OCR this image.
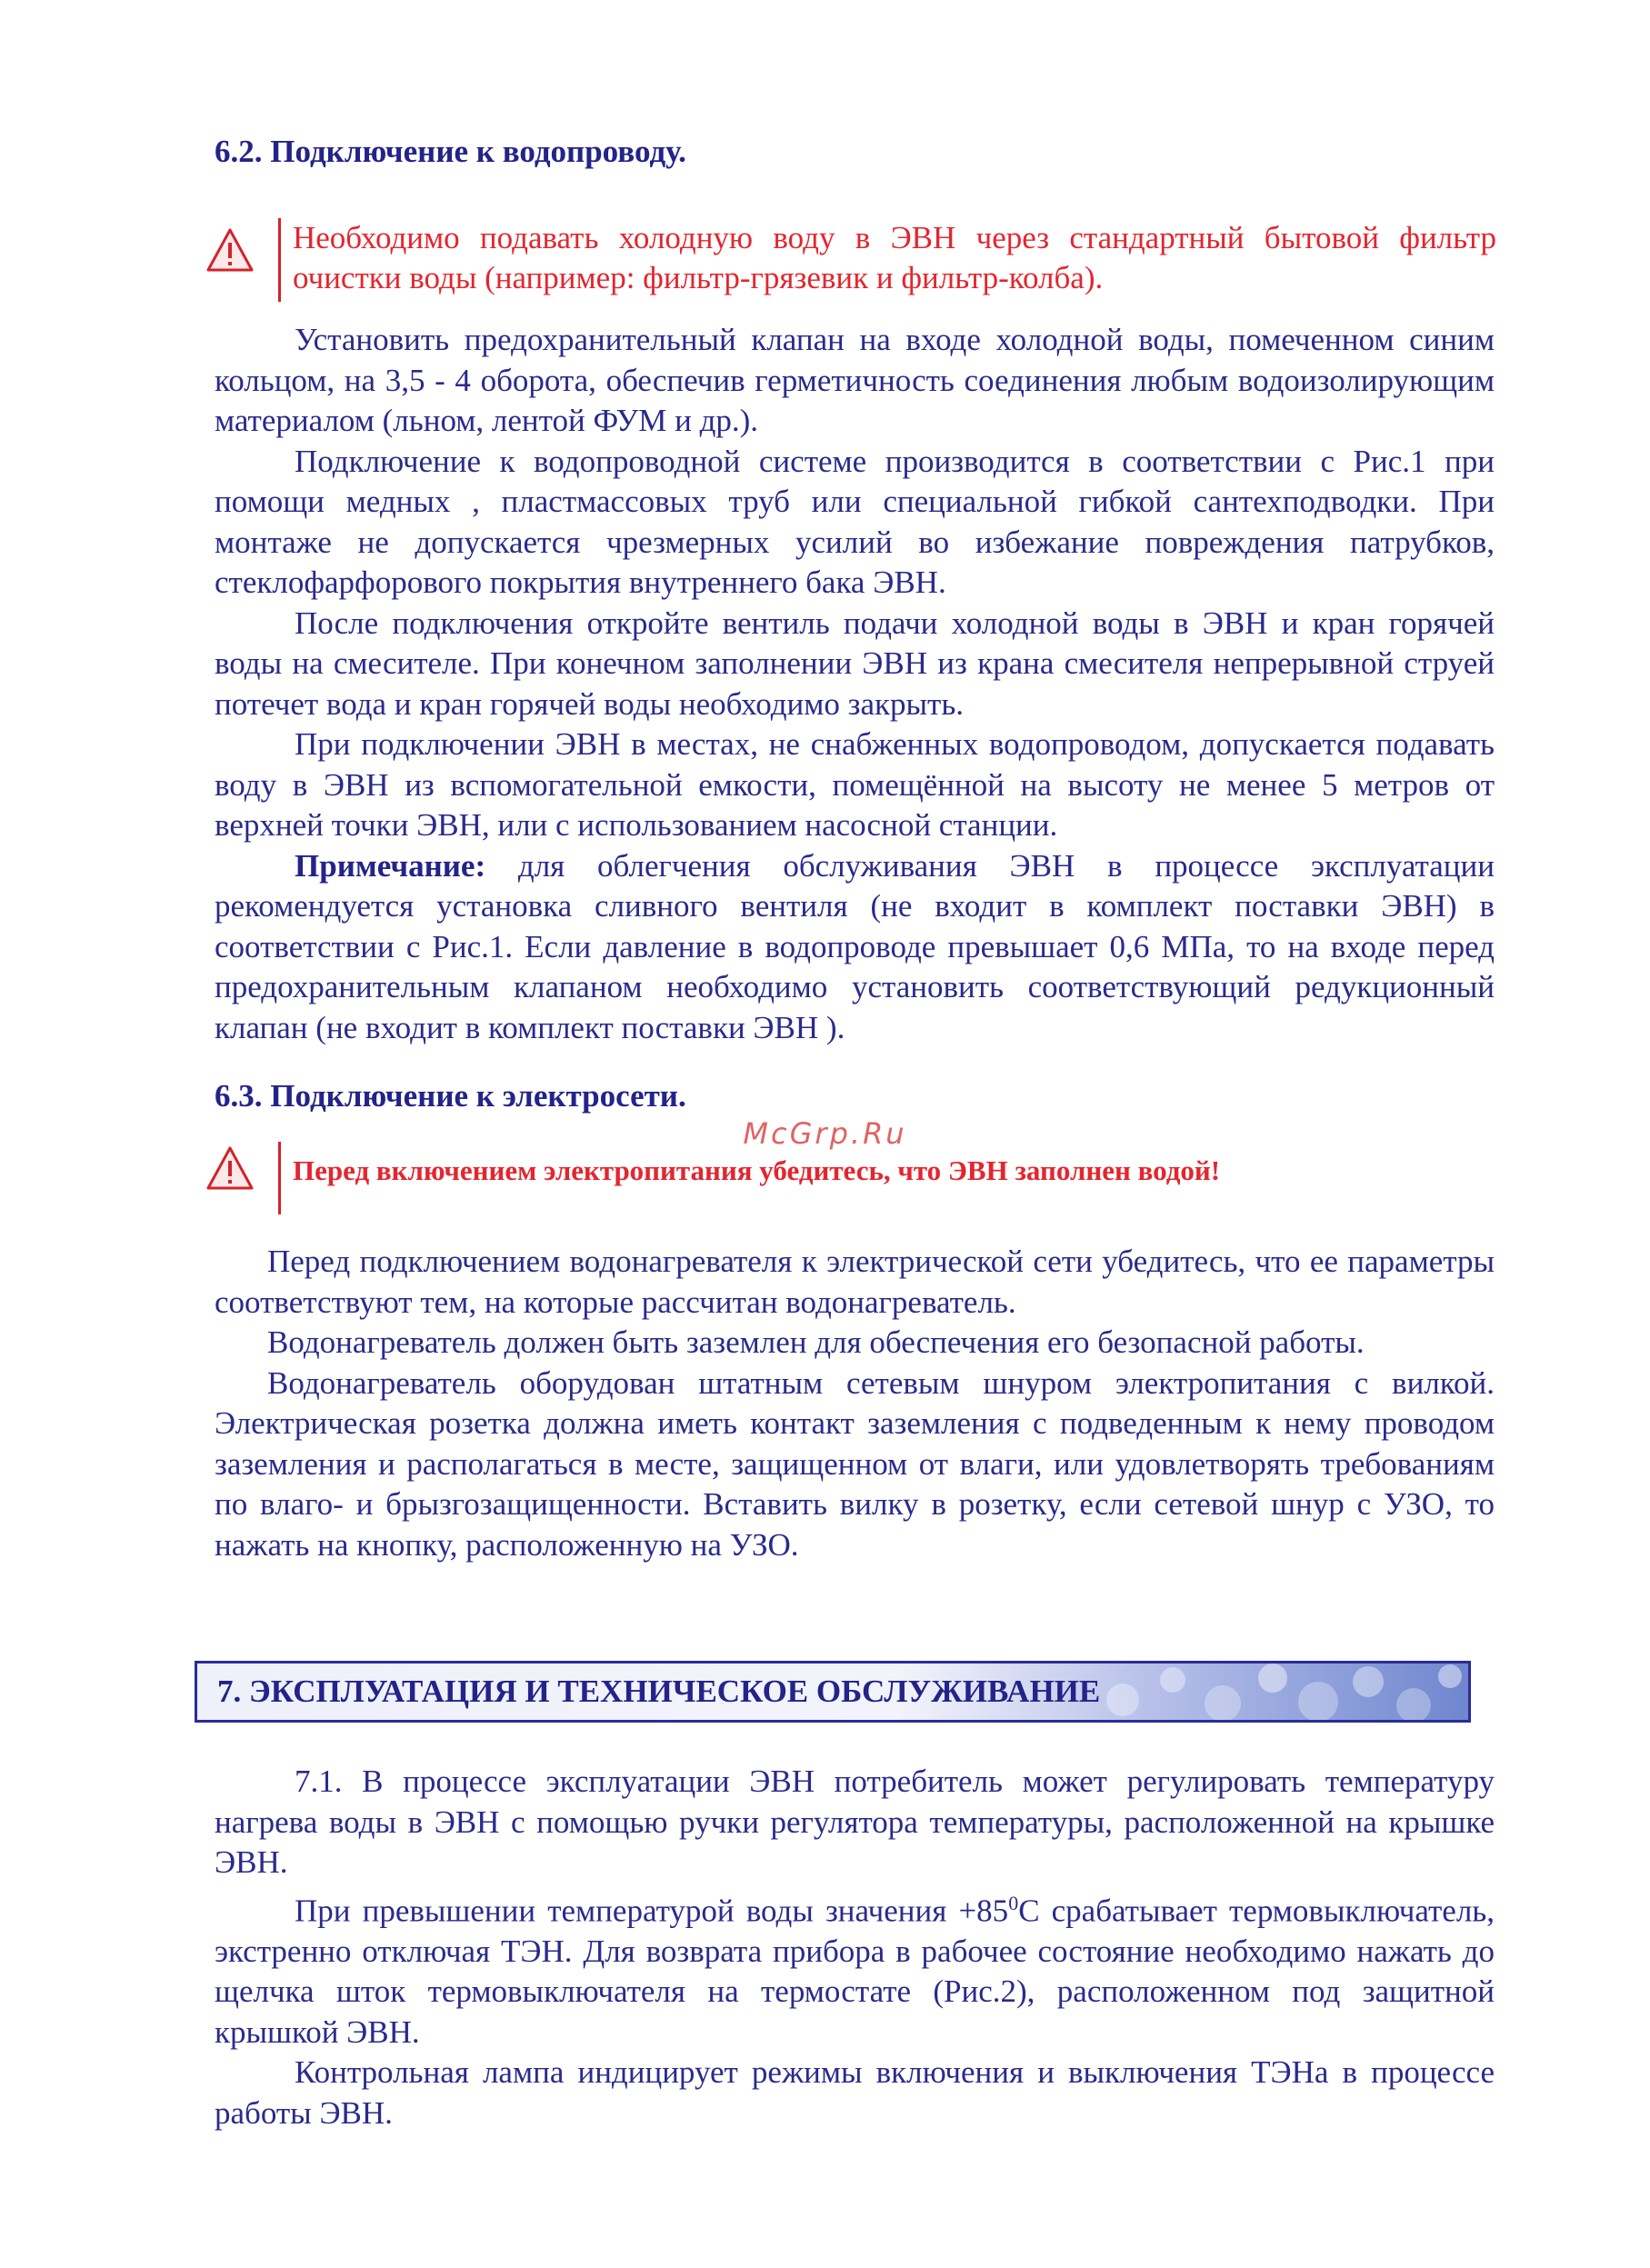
6.2. Подключение к водопроводу.
Необходимо подавать холодную воду в ЭВН через стандартный бытовой фильтр очистки воды (например: фильтр-грязевик и фильтр-колба).

Установить предохранительный клапан на входе холодной воды, помеченном синим кольцом, на 3,5 - 4 оборота, обеспечив герметичность соединения любым водоизолирующим материалом (льном, лентой ФУМ и др.).

Подключение к водопроводной системе производится в соответствии с Рис.1 при помощи медных , пластмассовых труб или специальной гибкой сантехподводки. При монтаже не допускается чрезмерных усилий во избежание повреждения патрубков, стеклофарфорового покрытия внутреннего бака ЭВН.

После подключения откройте вентиль подачи холодной воды в ЭВН и кран горячей воды на смесителе. При конечном заполнении ЭВН из крана смесителя непрерывной струей потечет вода и кран горячей воды необходимо закрыть.

При подключении ЭВН в местах, не снабженных водопроводом, допускается подавать воду в ЭВН из вспомогательной емкости, помещённой на высоту не менее 5 метров от верхней точки ЭВН, или с использованием насосной станции.

Примечание: для облегчения обслуживания ЭВН в процессе эксплуатации рекомендуется установка сливного вентиля (не входит в комплект поставки ЭВН) в соответствии с Рис.1. Если давление в водопроводе превышает 0,6 МПа, то на входе перед предохранительным клапаном необходимо установить соответствующий редукционный клапан (не входит в комплект поставки ЭВН ).

6.3. Подключение к электросети.
McGrp.Ru
Перед включением электропитания убедитесь, что ЭВН заполнен водой!

Перед подключением водонагревателя к электрической сети убедитесь, что ее параметры соответствуют тем, на которые рассчитан водонагреватель.

Водонагреватель должен быть заземлен для обеспечения его безопасной работы.

Водонагреватель оборудован штатным сетевым шнуром электропитания с вилкой. Электрическая розетка должна иметь контакт заземления с подведенным к нему проводом заземления и располагаться в месте, защищенном от влаги, или удовлетворять требованиям по влаго- и брызгозащищенности. Вставить вилку в розетку, если сетевой шнур с УЗО, то нажать на кнопку, расположенную на УЗО.

7. ЭКСПЛУАТАЦИЯ И ТЕХНИЧЕСКОЕ ОБСЛУЖИВАНИЕ

7.1. В процессе эксплуатации ЭВН потребитель может регулировать температуру нагрева воды в ЭВН с помощью ручки регулятора температуры, расположенной на крышке ЭВН.

При превышении температурой воды значения $+85^0С$ срабатывает термовыключатель, экстренно отключая ТЭН. Для возврата прибора в рабочее состояние необходимо нажать до щелчка шток термовыключателя на термостате (Рис.2), расположенном под защитной крышкой ЭВН.

Контрольная лампа индицирует режимы включения и выключения ТЭНа в процессе работы ЭВН.
